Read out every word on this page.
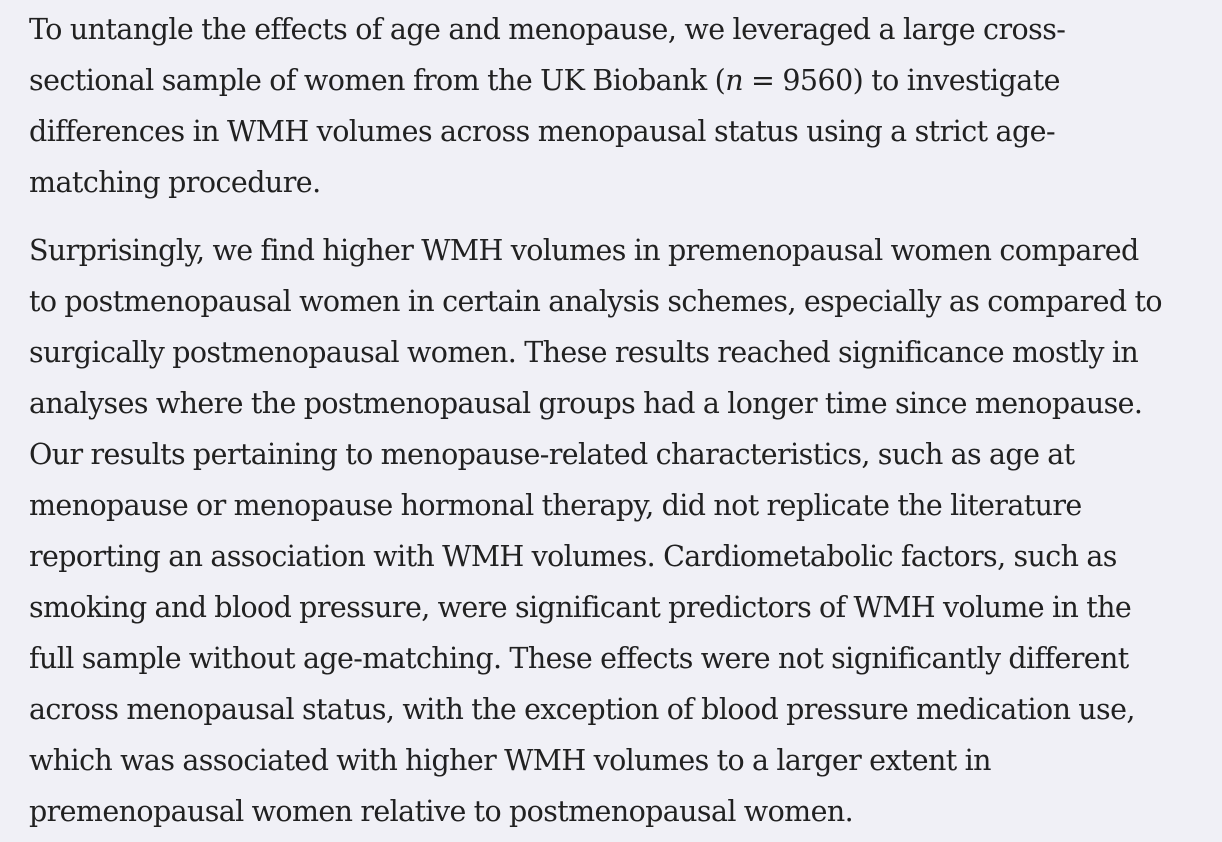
To untangle the effects of age and menopause, we leveraged a large cross-
sectional sample of women from the UK Biobank (n = 9560) to investigate
differences in WMH volumes across menopausal status using a strict age-
matching procedure.

Surprisingly, we find higher WMH volumes in premenopausal women compared
to postmenopausal women in certain analysis schemes, especially as compared to
surgically postmenopausal women. These results reached significance mostly in
analyses where the postmenopausal groups had a longer time since menopause.
Our results pertaining to menopause-related characteristics, such as age at
menopause or menopause hormonal therapy, did not replicate the literature
reporting an association with WMH volumes. Cardiometabolic factors, such as
smoking and blood pressure, were significant predictors of WMH volume in the
full sample without age-matching. These effects were not significantly different
across menopausal status, with the exception of blood pressure medication use,
which was associated with higher WMH volumes to a larger extent in
premenopausal women relative to postmenopausal women.
